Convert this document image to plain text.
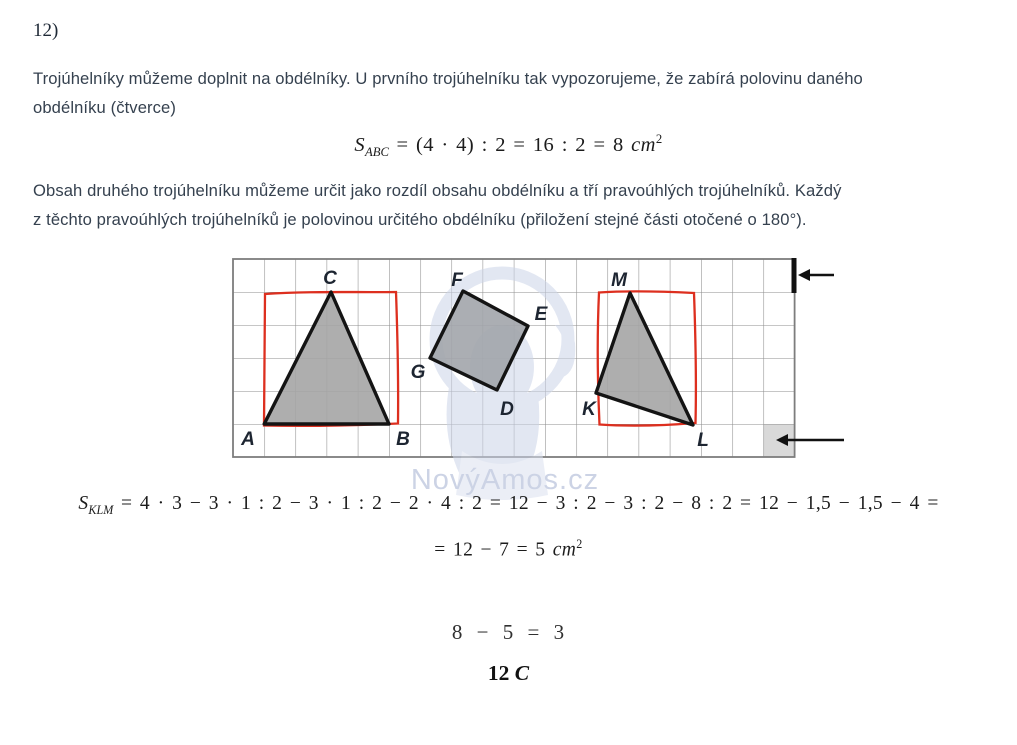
12)
Trojúhelníky můžeme doplnit na obdélníky. U prvního trojúhelníku tak vypozorujeme, že zabírá polovinu daného
obdélníku (čtverce)
$S_{ABC} = (4 \cdot 4)$ : 2 = 16 : 2 = 8 $cm^2$
Obsah druhého trojúhelníku můžeme určit jako rozdíl obsahu obdélníku a tří pravoúhlých trojúhelníků. Každý
z těchto pravoúhlých trojúhelníků je polovinou určitého obdélníku (přiložení stejné části otočené o 180°).
A	B
C
D
E
F
G
K
L
M
NovýAmos.cz
$S_{KLM} = 4 \cdot 3 - 3 \cdot 1$ : 2 − 3 · 1 : 2 − 2 · 4 : 2 = 12 − 3 : 2 − 3 : 2 − 8 : 2 = 12 − 1,5 − 1,5 − 4 =
= 12 − 7 = 5 $cm^2$
8 − 5 = 3
12 C
